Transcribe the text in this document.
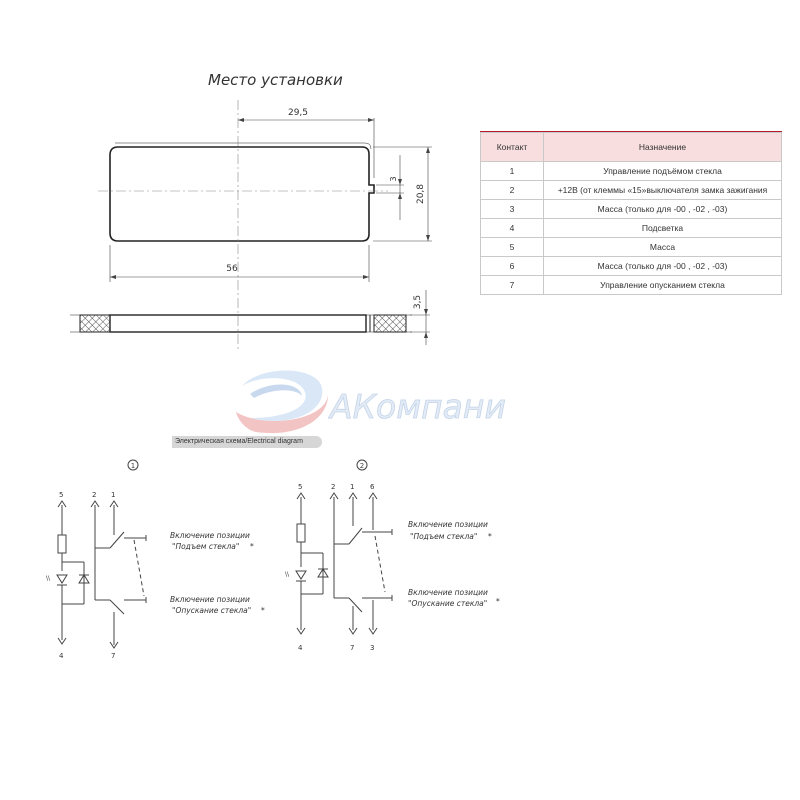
Место установки
29,5
56
3
20,8
3,5
АКомпани
1
5	2 1
4	7
\\
Включение позиции
"Подъем стекла" *
Включение позиции
"Опускание стекла" *
2
5	2 1 6
4	7 3
\\
Включение позиции
"Подъем стекла" *
Включение позиции
"Опускание стекла" *
Контакт	Назначение
1	Управление подъёмом стекла
2	+12В (от клеммы «15»выключателя замка зажигания
3	Масса (только для -00 , -02 , -03)
4	Подсветка
5	Масса
6	Масса (только для -00 , -02 , -03)
7	Управление опусканием стекла
Электрическая схема/Electrical diagram
